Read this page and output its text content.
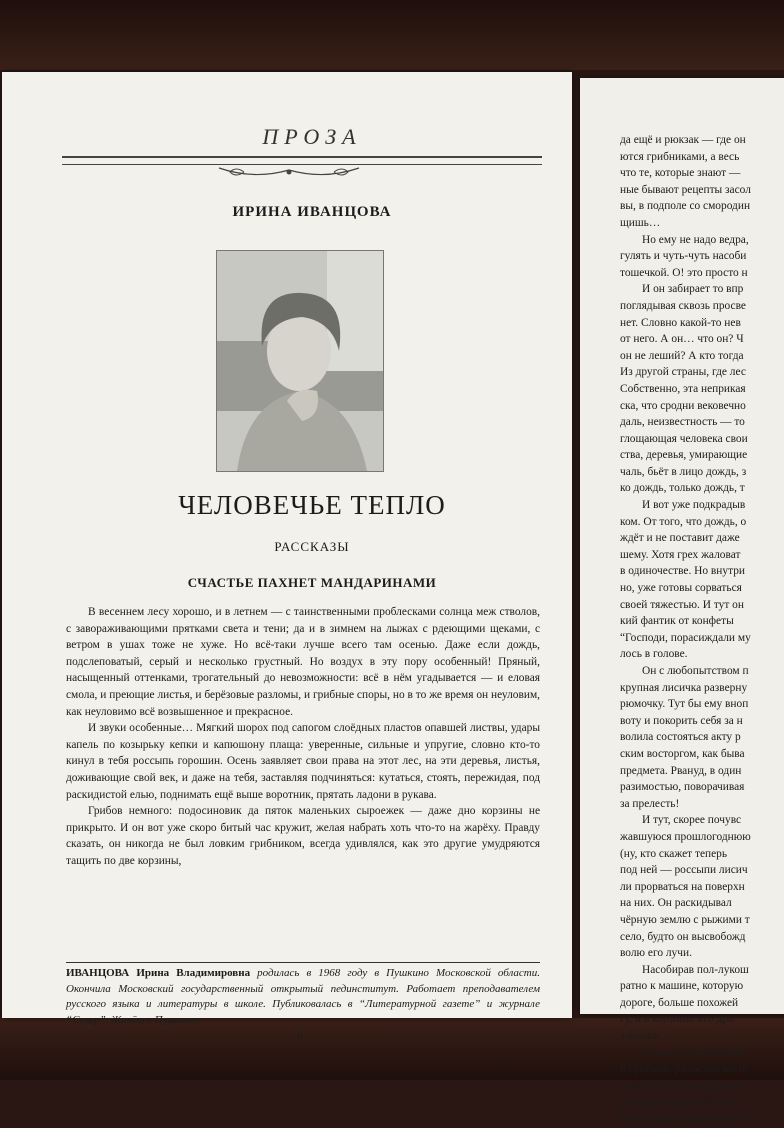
ПРОЗА
ИРИНА ИВАНЦОВА
ЧЕЛОВЕЧЬЕ ТЕПЛО
РАССКАЗЫ
СЧАСТЬЕ ПАХНЕТ МАНДАРИНАМИ

В весеннем лесу хорошо, и в летнем — с таинственными проблесками солнца меж стволов, с завораживающими прятками света и тени; да и в зимнем на лыжах с рдеющими щеками, с ветром в ушах тоже не хуже. Но всё-таки лучше всего там осенью. Даже если дождь, подслеповатый, серый и несколько грустный. Но воздух в эту пору особенный! Пряный, насыщенный оттенками, трогательный до невозможности: всё в нём угадывается — и еловая смола, и преющие листья, и берёзовые разломы, и грибные споры, но в то же время он неуловим, как неуловимо всё возвышенное и прекрасное.

И звуки особенные… Мягкий шорох под сапогом слоёдных пластов опавшей листвы, удары капель по козырьку кепки и капюшону плаща: уверенные, сильные и упругие, словно кто-то кинул в тебя россыпь горошин. Осень заявляет свои права на этот лес, на эти деревья, листья, доживающие свой век, и даже на тебя, заставляя подчиняться: кутаться, стоять, пережидая, под раскидистой елью, поднимать ещё выше воротник, прятать ладони в рукава.

Грибов немного: подосиновик да пяток маленьких сыроежек — даже дно корзины не прикрыто. И он вот уже скоро битый час кружит, желая набрать хоть что-то на жарёху. Правду сказать, он никогда не был ловким грибником, всегда удивлялся, как это другие умудряются тащить по две корзины,

ИВАНЦОВА Ирина Владимировна родилась в 1968 году в Пушкино Московской области. Окончила Московский государственный открытый пединститут. Работает преподавателем русского языка и литературы в школе. Публиковалась в “Литературной газете” и журнале “Север”. Живёт в Пушкино.
6
да ещё и рюкзак — где он
ются грибниками, а весь
что те, которые знают —
ные бывают рецепты засол
вы, в подполе со смородин
щишь…
Но ему не надо ведра,
гулять и чуть-чуть насоби
тошечкой. О! это просто н
И он забирает то впр
поглядывая сквозь просве
нет. Словно какой-то нев
от него. А он… что он? Ч
он не леший? А кто тогда
Из другой страны, где лес
Собственно, эта неприкая
ска, что сродни вековечно
даль, неизвестность — то
глощающая человека свои
ства, деревья, умирающие
чаль, бьёт в лицо дождь, з
ко дождь, только дождь, т
И вот уже подкрадыв
ком. От того, что дождь, о
ждёт и не поставит даже
шему. Хотя грех жаловат
в одиночестве. Но внутри
но, уже готовы сорваться
своей тяжестью. И тут он
кий фантик от конфеты
“Господи, порасиждали му
лось в голове.
Он с любопытством п
крупная лисичка разверну
рюмочку. Тут бы ему вноп
воту и покорить себя за н
волила состояться акту р
ским восторгом, как быва
предмета. Рвануд, в один
разимостью, поворачивая
за прелесть!
И тут, скорее почувс
жавшуюся прошлогоднюю
(ну, кто скажет теперь
под ней — россыпи лисич
ли прорваться на поверхн
на них. Он раскидывал
чёрную землю с рыжими т
село, будто он высвобожд
волю его лучи.
Насобирав пол-лукош
ратно к машине, которую
дороге, больше похожей
гу, и в корзинке его дро
зайчики.
И день стал весёлым
и грибами, радостно щёлк
ный всё из тех же грибов
поскольку лисички, как
блеска даже в варёном ви
